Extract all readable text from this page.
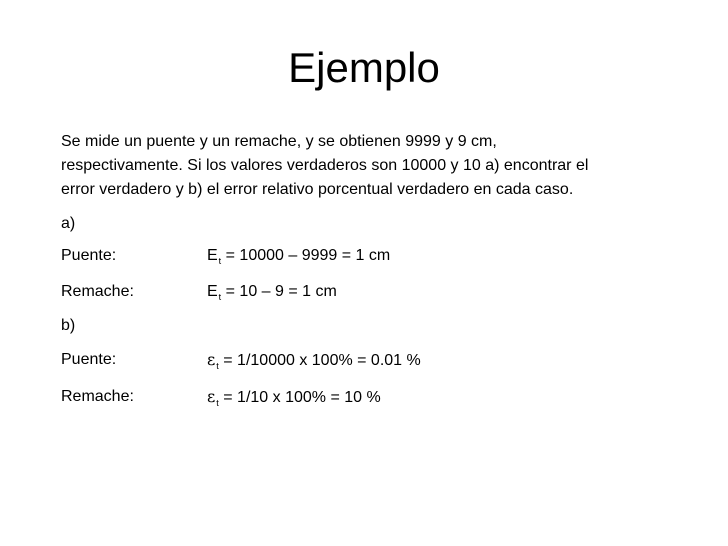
Ejemplo
Se mide un puente y un remache, y se obtienen 9999 y 9 cm,
respectivamente. Si los valores verdaderos son 10000 y 10 a) encontrar el
error verdadero y b) el error relativo porcentual verdadero en cada caso.
a)
Puente:	$E_t = 10000 - 9999 = 1$ cm
Remache:	$E_t = 10 - 9 = 1$ cm
b)
Puente:	$\varepsilon_t = 1/10000$ x 100% = 0.01 %
Remache:	$\varepsilon_t = 1/10$ x 100% = 10 %
